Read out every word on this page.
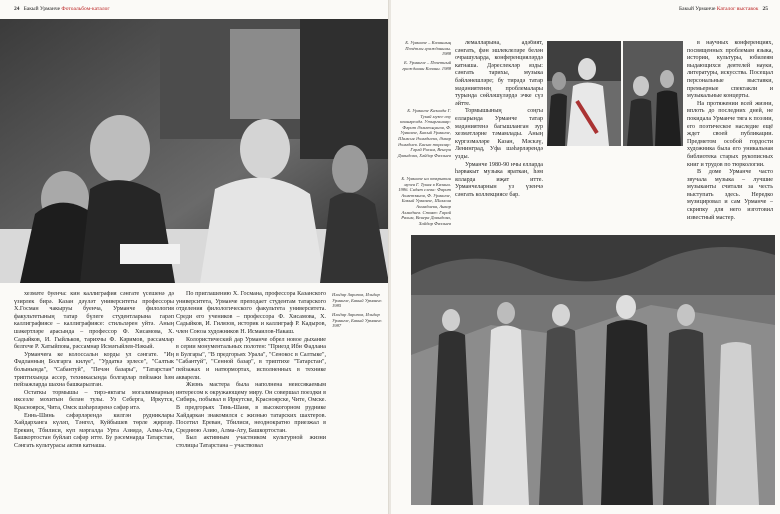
24 Бакый Урманче Фотоальбом-каталог

хезмәте буенча: кин каллиграфия сәнгате үсешенә дә үзирлек бирә. Казан дәүләт университеты профессоры Х.Госман чакыруы буенча, Урманче филология факультетының татар бүлеге студентларына гарәп каллиграфиясе – каллиграфиясе: стильләрен уйтә. Аның шәкертләре арасында – профессор Ф. Хисамова, Х. Садыйков, И. Гыйльков, тарихчы Ф. Кәримов, рәссамлар белгече Р. Хатыйпова, рәссамнар Исмәгыйлев-Нәкый.

Урманчеға ке колоссальн корды ул сәнгате. "Иң Фадланның Болгарга килүе", "Урдаткә эрлесе", "Салтык болынында", "Сабантуй", "Печән базары", "Татарстан" триптихында ассер, техникасында болгарлар пейзажи һәм пейзажларда шахна башкарылган.

Остаткы тормышы – тирэ-яктагы могалимнарның иксезле мохитын белән тулы. Уз Себерга, Иркутск, Красноярск, Чита, Омск шәһәрләренә сәфәр итә.

Еннь-Шинь сәфәрләрендә килгән рудниклары Хайдарханга күләп, Тәнгел, Куйбышев төрле җирләр. Ерекин, Тбилиси, күп мәргалда Урта Азиядә, Алма-Ата, Башкортостан буйлап сәфәр итте. Бу рәсемнарда Татарстан, Сәнгать культурасы актив катнаша.

По приглашению Х. Госмана, профессора Казанского университета, Урманче преподает студентам татарского отделения филологического факультета университета. Среди его учеников – профессора Ф. Хисамова, Х. Садыйков, И. Гилязов, историк и каллиграф Р. Кадыров, член Союза художников Н. Исмаилов-Накаш.

Колористический дар Урманче обрел новое дыхание в серии монументальных полотен: "Приезд Ибн Фадлана в Булгары", "В предгорьях Урала", "Сенокос в Салтыке", "Сабантуй", "Сенной базар", в триптихе "Татарстан", пейзажах и натюрмортах, исполненных в технике акварели.

Жизнь мастера была наполнена неиссякаемым интересом к окружающему миру. Он совершал поездки в Сибирь, побывал в Иркутске, Красноярске, Чите, Омске. В предгорьях Тянь-Шаня, в высокогорном руднике Хайдаркан знакомился с жизнью татарских шахтеров. Посетил Ереван, Тбилиси, неоднократно приезжал в Среднюю Азию, Алма-Ату, Башкортостан.

Был активным участником культурной жизни столицы Татарстана – участвовал

Ильдар Зарипов, Ильдар Урманче, Бакый Урманче. 1985
Ильдар Зарипов, Ильдар Урманче, Бакый Урманче. 1987
Бакый Урманче Каталог выставок 25
Б. Урманче – Казанның Почётлы гражданины. 1988
Б. Урманче – Почетный гражданин Казани. 1988
Б. Урманче Казанда Г. Тукай музее ачу көннәрендә. Утырганнар: Фәрит Әхмәтҗанов, Ф. Урманче, Бакый Урманче, Шамсия Әхмәдиева, Әнвәр Әхмәдиев. Басып торалар: Гәрәй Рәхим, Венера Давыдова, Хәйдәр Фазлыев
Б. Урманче на открытии музея Г. Тукая в Казани. 1986. Сидят слева: Фарит Ахметзянов, Ф. Урманче, Бакый Урманче, Шамсия Ахмадиева, Анвар Ахмадиев. Стоят: Гарай Рахим, Венера Давыдова, Хайдар Фазлыев

лемалларына, адәбият, сәнгать, фән эшлеклеләре белән очрашуларда, конференцияләрдә катнаша. Дәреслекләр язды: сәнгать тарихы, музыка бәйләнешләре; бу тирәдә татар мәдәниятенең проблемалары турында сөйләшүләрдә эчке сүз әйтте.

Тормышының соңгы елларында Урманче татар мәдәниятенә багышланган зур хезмәтләрне тәмамлады. Аның күргәзмәләре Казан, Мәскәү, Ленинград, Уфа шәһәрләрендә узды.

Урманче 1980-90 нчы елларда һәрвакыт музыка яраткан, һәм ялларда иҗат итте. Урманчеларнын уз үзенчә сәнгать коллекциясе бар.

в научных конференциях, посвященных проблемам языка, истории, культуры, юбилеям выдающихся деятелей науки, литературы, искусства. Посещал персональные выставки, премьерные спектакли и музыкальные концерты.

На протяжении всей жизни, вплоть до последних дней, не покидала Урманче тяга к поэзии, его поэтическое наследие ещё ждет своей публикации. Предметом особой гордости художника была его уникальная библиотека старых рукописных книг и трудов по тюркологии.

В доме Урманче часто звучала музыка – лучшие музыканты считали за честь выступать здесь. Нередко музицировал и сам Урманче – скрипку для него изготовил известный мастер.
